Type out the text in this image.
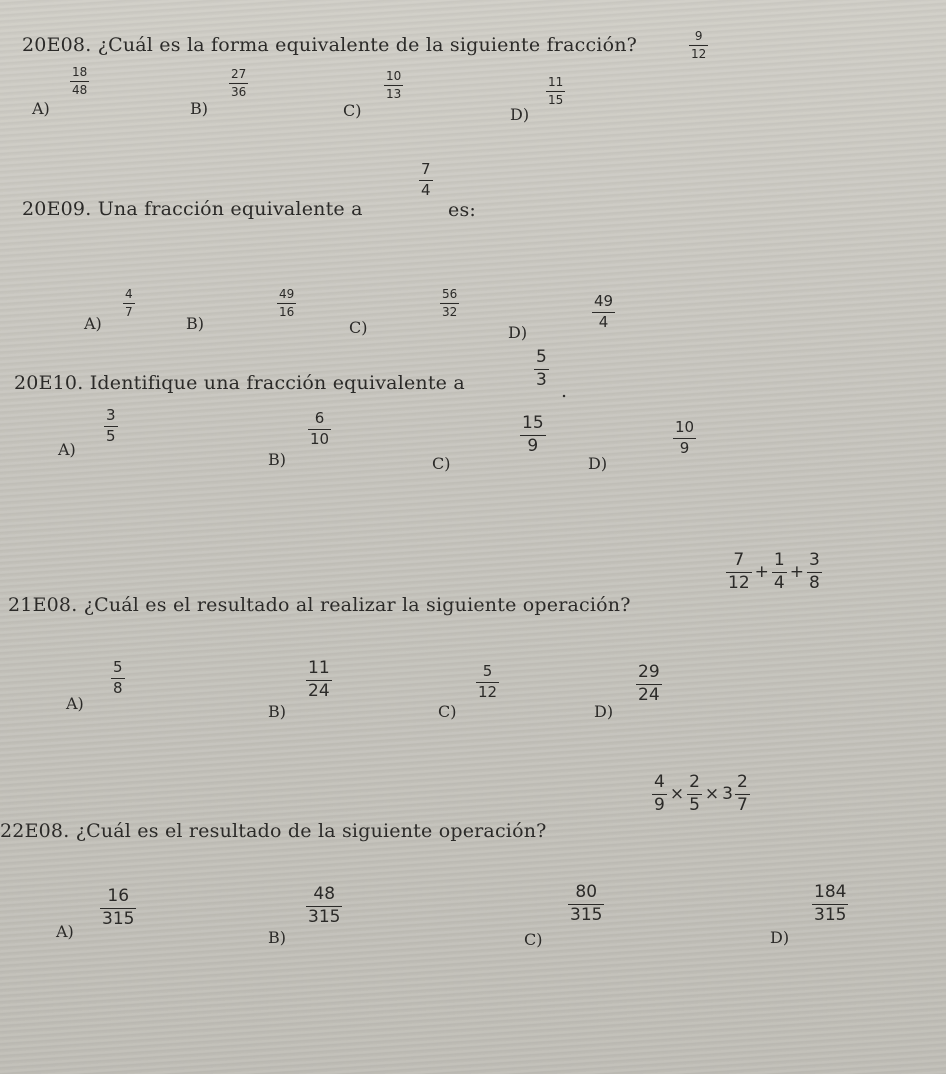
20E08. ¿Cuál es la forma equivalente de la siguiente fracción?	9
12
A)
18
48
B)
27
36
C)
10
13
D)
11
15
20E09. Una fracción equivalente a
7
4
es:
A)
4
7
B)
49
16
C)
56
32
D)
49
4
20E10. Identifique una fracción equivalente a
5
3
.
A)
3
5
B)
6
10
C)
15
9
D)
10
9
21E08. ¿Cuál es el resultado al realizar la siguiente operación?
$\frac{7}{12} + \frac{1}{4} + \frac{3}{8}$
A)
5
8
B)
11
24
C)
5
12
D)
29
24
22E08. ¿Cuál es el resultado de la siguiente operación?
$\frac{4}{9} \times \frac{2}{5} \times 3 \frac{2}{7}$
A)
16
315
B)
48
315
C)
80
315
D)
184
315
